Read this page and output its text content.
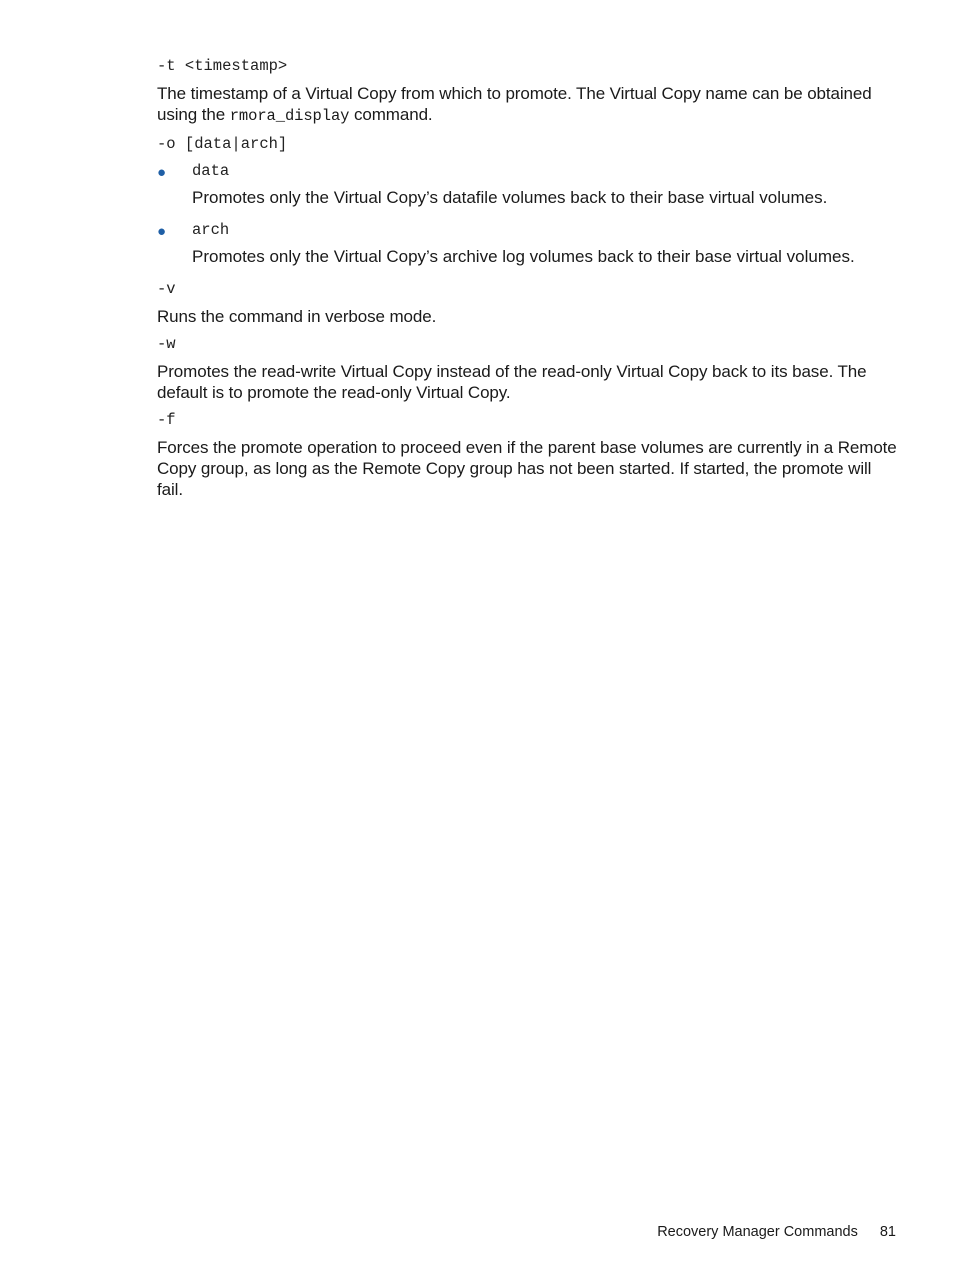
-t <timestamp>

The timestamp of a Virtual Copy from which to promote. The Virtual Copy name can be obtained using the rmora_display command.

-o [data|arch]
● data
Promotes only the Virtual Copy’s datafile volumes back to their base virtual volumes.
● arch
Promotes only the Virtual Copy’s archive log volumes back to their base virtual volumes.
-v

Runs the command in verbose mode.

-w

Promotes the read-write Virtual Copy instead of the read-only Virtual Copy back to its base. The default is to promote the read-only Virtual Copy.

-f

Forces the promote operation to proceed even if the parent base volumes are currently in a Remote Copy group, as long as the Remote Copy group has not been started. If started, the promote will fail.

Recovery Manager Commands 81
